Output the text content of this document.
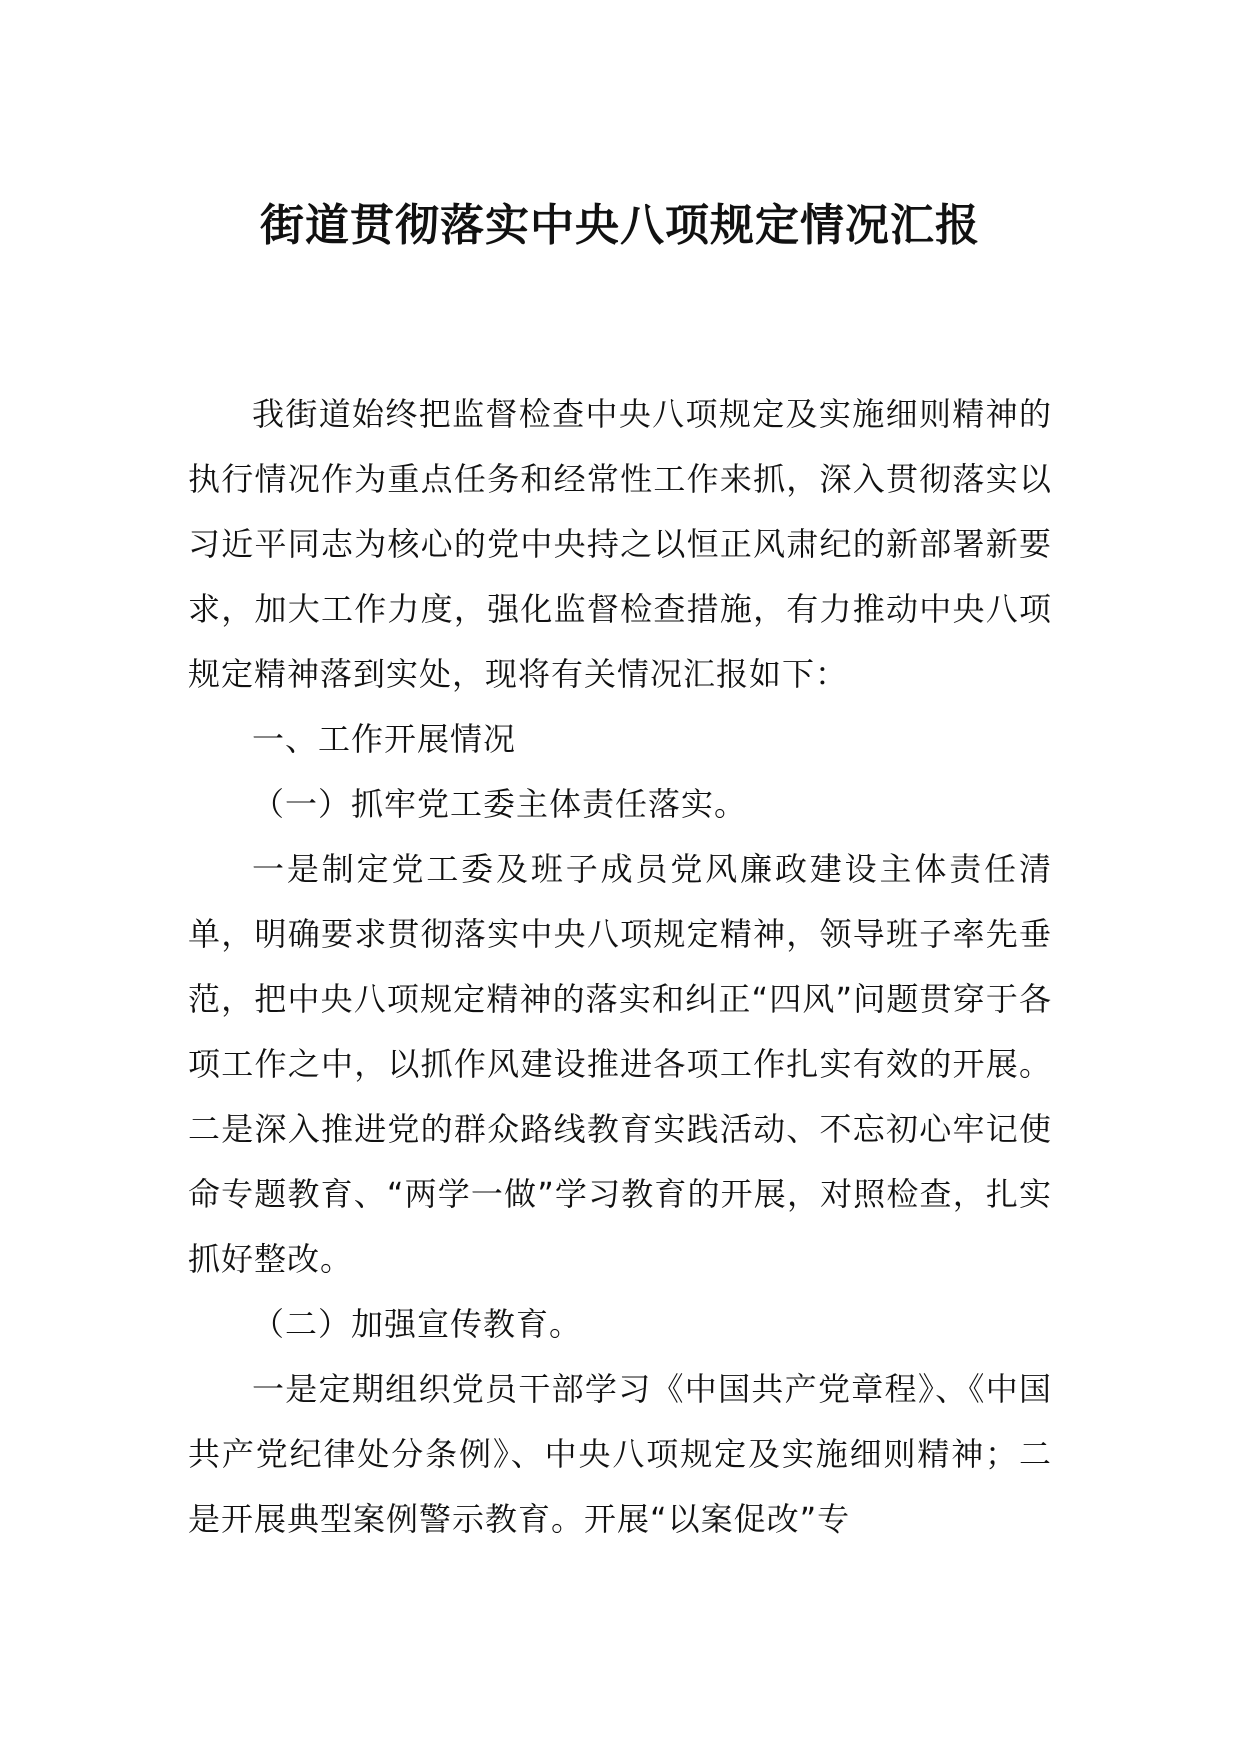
街道贯彻落实中央八项规定情况汇报

我街道始终把监督检查中央八项规定及实施细则精神的执行情况作为重点任务和经常性工作来抓，深入贯彻落实以习近平同志为核心的党中央持之以恒正风肃纪的新部署新要求，加大工作力度，强化监督检查措施，有力推动中央八项规定精神落到实处，现将有关情况汇报如下：

一、工作开展情况

（一）抓牢党工委主体责任落实。

一是制定党工委及班子成员党风廉政建设主体责任清单，明确要求贯彻落实中央八项规定精神，领导班子率先垂范，把中央八项规定精神的落实和纠正“四风”问题贯穿于各项工作之中，以抓作风建设推进各项工作扎实有效的开展。二是深入推进党的群众路线教育实践活动、不忘初心牢记使命专题教育、“两学一做”学习教育的开展，对照检查，扎实抓好整改。

（二）加强宣传教育。

一是定期组织党员干部学习《中国共产党章程》、《中国共产党纪律处分条例》、中央八项规定及实施细则精神；二是开展典型案例警示教育。开展“以案促改”专
